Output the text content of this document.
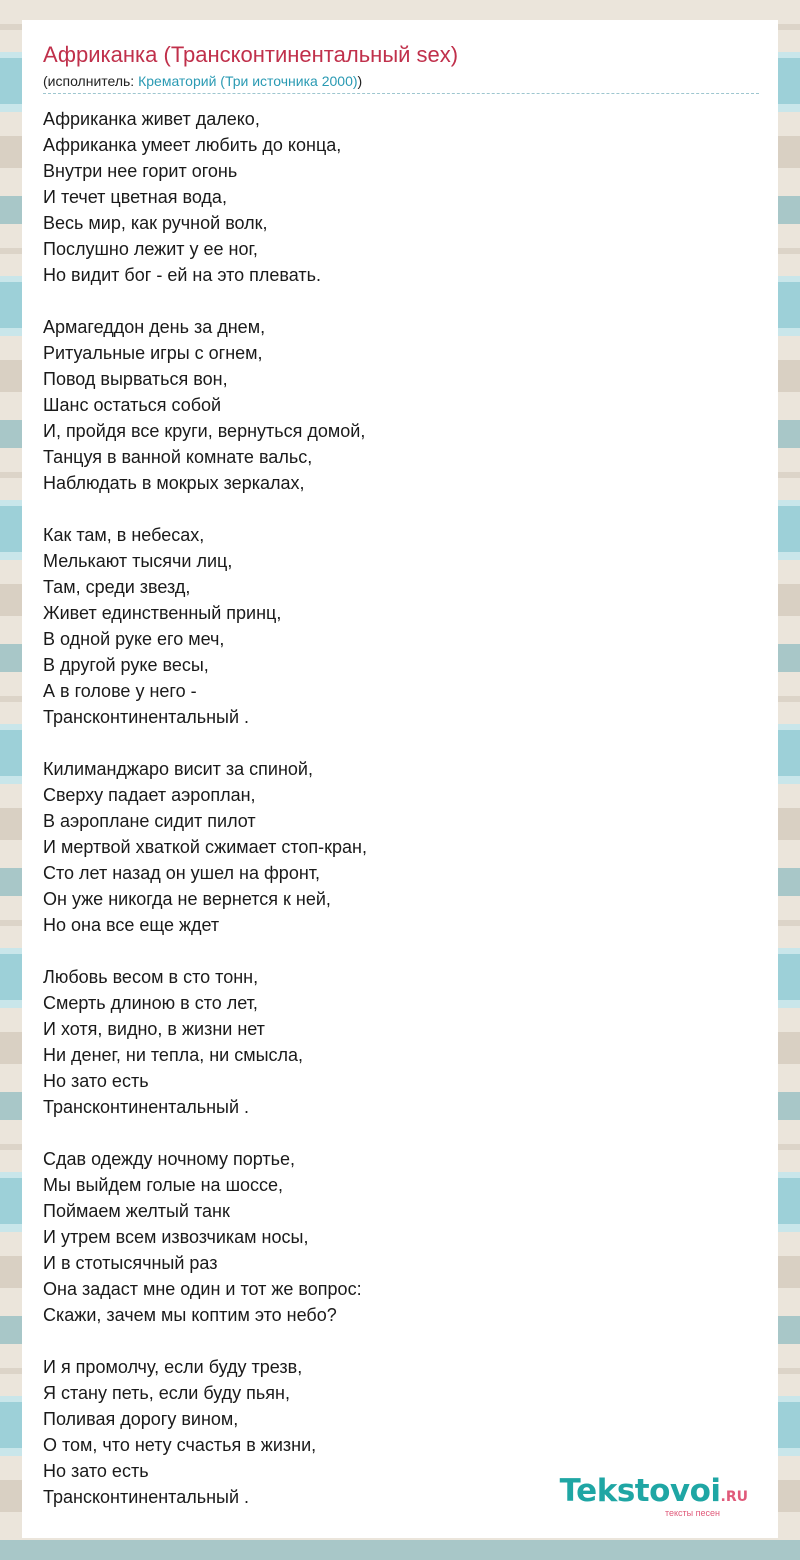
Африканка (Трансконтинентальный sex)
(исполнитель: Крематорий (Три источника 2000))
Африканка живет далеко,
Африканка умеет любить до конца,
Внутри нее горит огонь
И течет цветная вода,
Весь мир, как ручной волк,
Послушно лежит у ее ног,
Но видит бог - ей на это плевать.
Армагеддон день за днем,
Ритуальные игры с огнем,
Повод вырваться вон,
Шанс остаться собой
И, пройдя все круги, вернуться домой,
Танцуя в ванной комнате вальс,
Наблюдать в мокрых зеркалах,
Как там, в небесах,
Мелькают тысячи лиц,
Там, среди звезд,
Живет единственный принц,
В одной руке его меч,
В другой руке весы,
А в голове у него -
Трансконтинентальный .
Килиманджаро висит за спиной,
Сверху падает аэроплан,
В аэроплане сидит пилот
И мертвой хваткой сжимает стоп-кран,
Сто лет назад он ушел на фронт,
Он уже никогда не вернется к ней,
Но она все еще ждет
Любовь весом в сто тонн,
Смерть длиною в сто лет,
И хотя, видно, в жизни нет
Ни денег, ни тепла, ни смысла,
Но зато есть
Трансконтинентальный .
Сдав одежду ночному портье,
Мы выйдем голые на шоссе,
Поймаем желтый танк
И утрем всем извозчикам носы,
И в стотысячный раз
Она задаст мне один и тот же вопрос:
Скажи, зачем мы коптим это небо?
И я промолчу, если буду трезв,
Я стану петь, если буду пьян,
Поливая дорогу вином,
О том, что нету счастья в жизни,
Но зато есть
Трансконтинентальный .	Tekstovoi.RU
тексты песен
